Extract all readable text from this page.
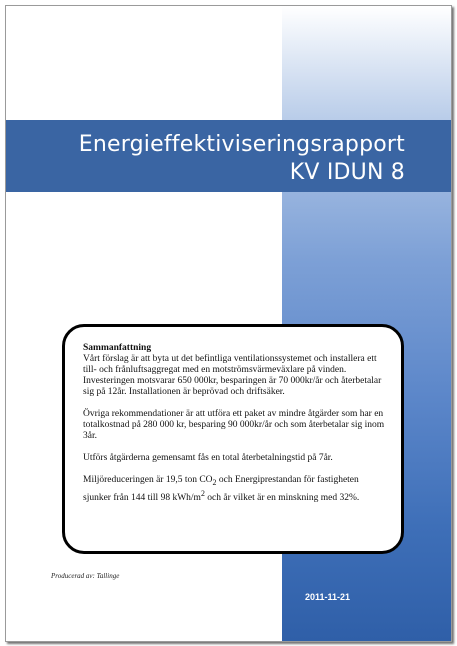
Energieffektiviseringsrapport
KV IDUN 8

Sammanfattning

Vårt förslag är att byta ut det befintliga ventilationssystemet och installera ett till- och frånluftsaggregat med en motströmsvärmeväxlare på vinden. Investeringen motsvarar 650 000kr, besparingen är 70 000kr/år och återbetalar sig på 12år. Installationen är beprövad och driftsäker.

Övriga rekommendationer är att utföra ett paket av mindre åtgärder som har en totalkostnad på 280 000 kr, besparing 90 000kr/år och som återbetalar sig inom 3år.

Utförs åtgärderna gemensamt fås en total återbetalningstid på 7år.

Miljöreduceringen är 19,5 ton $CO_2$ och Energiprestandan för fastigheten sjunker från 144 till 98 kWh/$m^2$ och år vilket är en minskning med 32%.

Producerad av: Tallinge
2011-11-21
